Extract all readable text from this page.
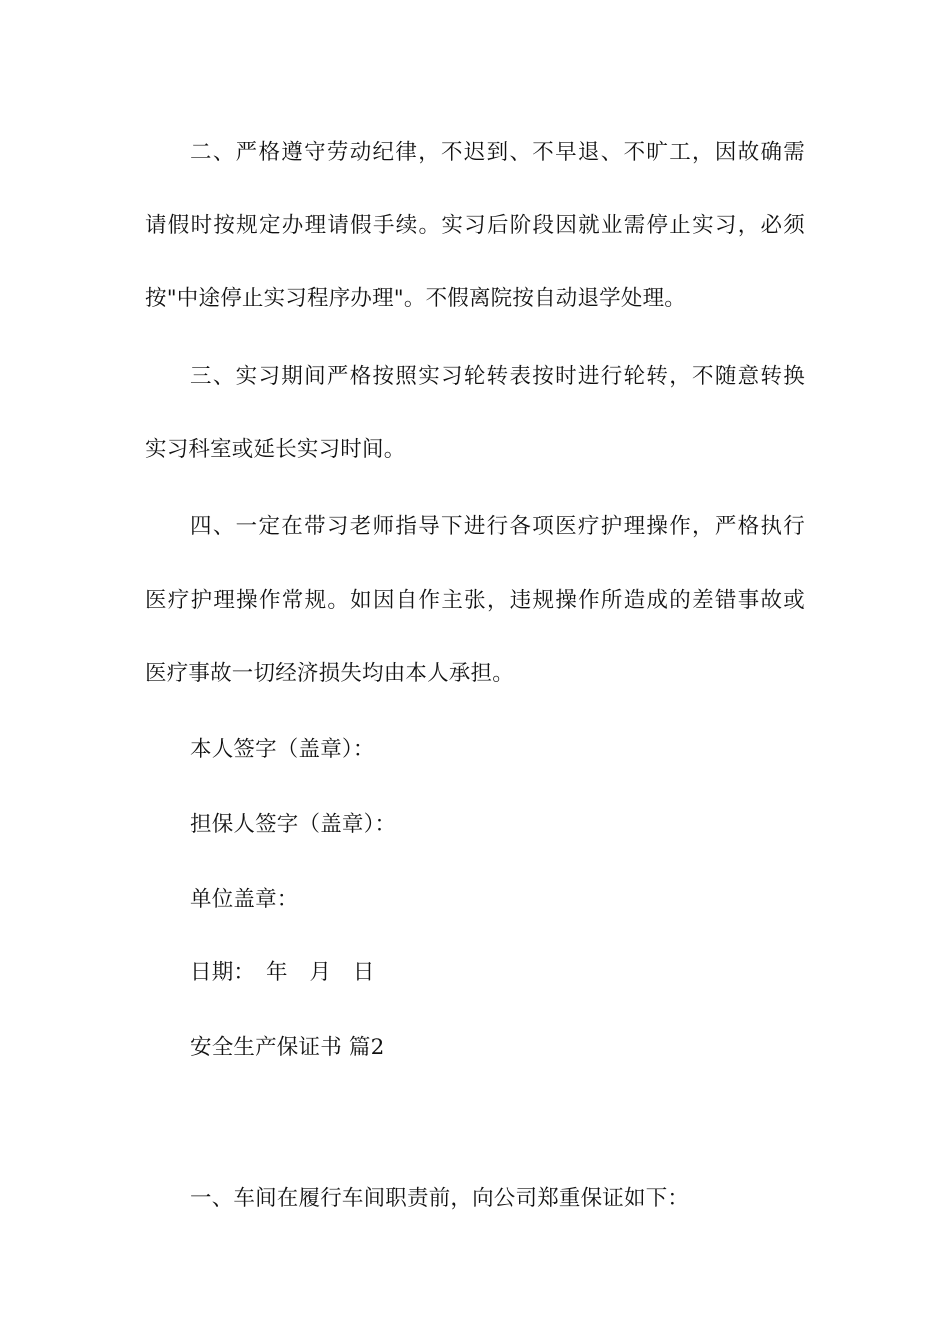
二、严格遵守劳动纪律，不迟到、不早退、不旷工，因故确需
请假时按规定办理请假手续。实习后阶段因就业需停止实习，必须
按"中途停止实习程序办理"。不假离院按自动退学处理。
三、实习期间严格按照实习轮转表按时进行轮转，不随意转换
实习科室或延长实习时间。
四、一定在带习老师指导下进行各项医疗护理操作，严格执行
医疗护理操作常规。如因自作主张，违规操作所造成的差错事故或
医疗事故一切经济损失均由本人承担。
本人签字（盖章）：
担保人签字（盖章）：
单位盖章：
日期：　年　月　日
安全生产保证书 篇2
一、车间在履行车间职责前，向公司郑重保证如下：
